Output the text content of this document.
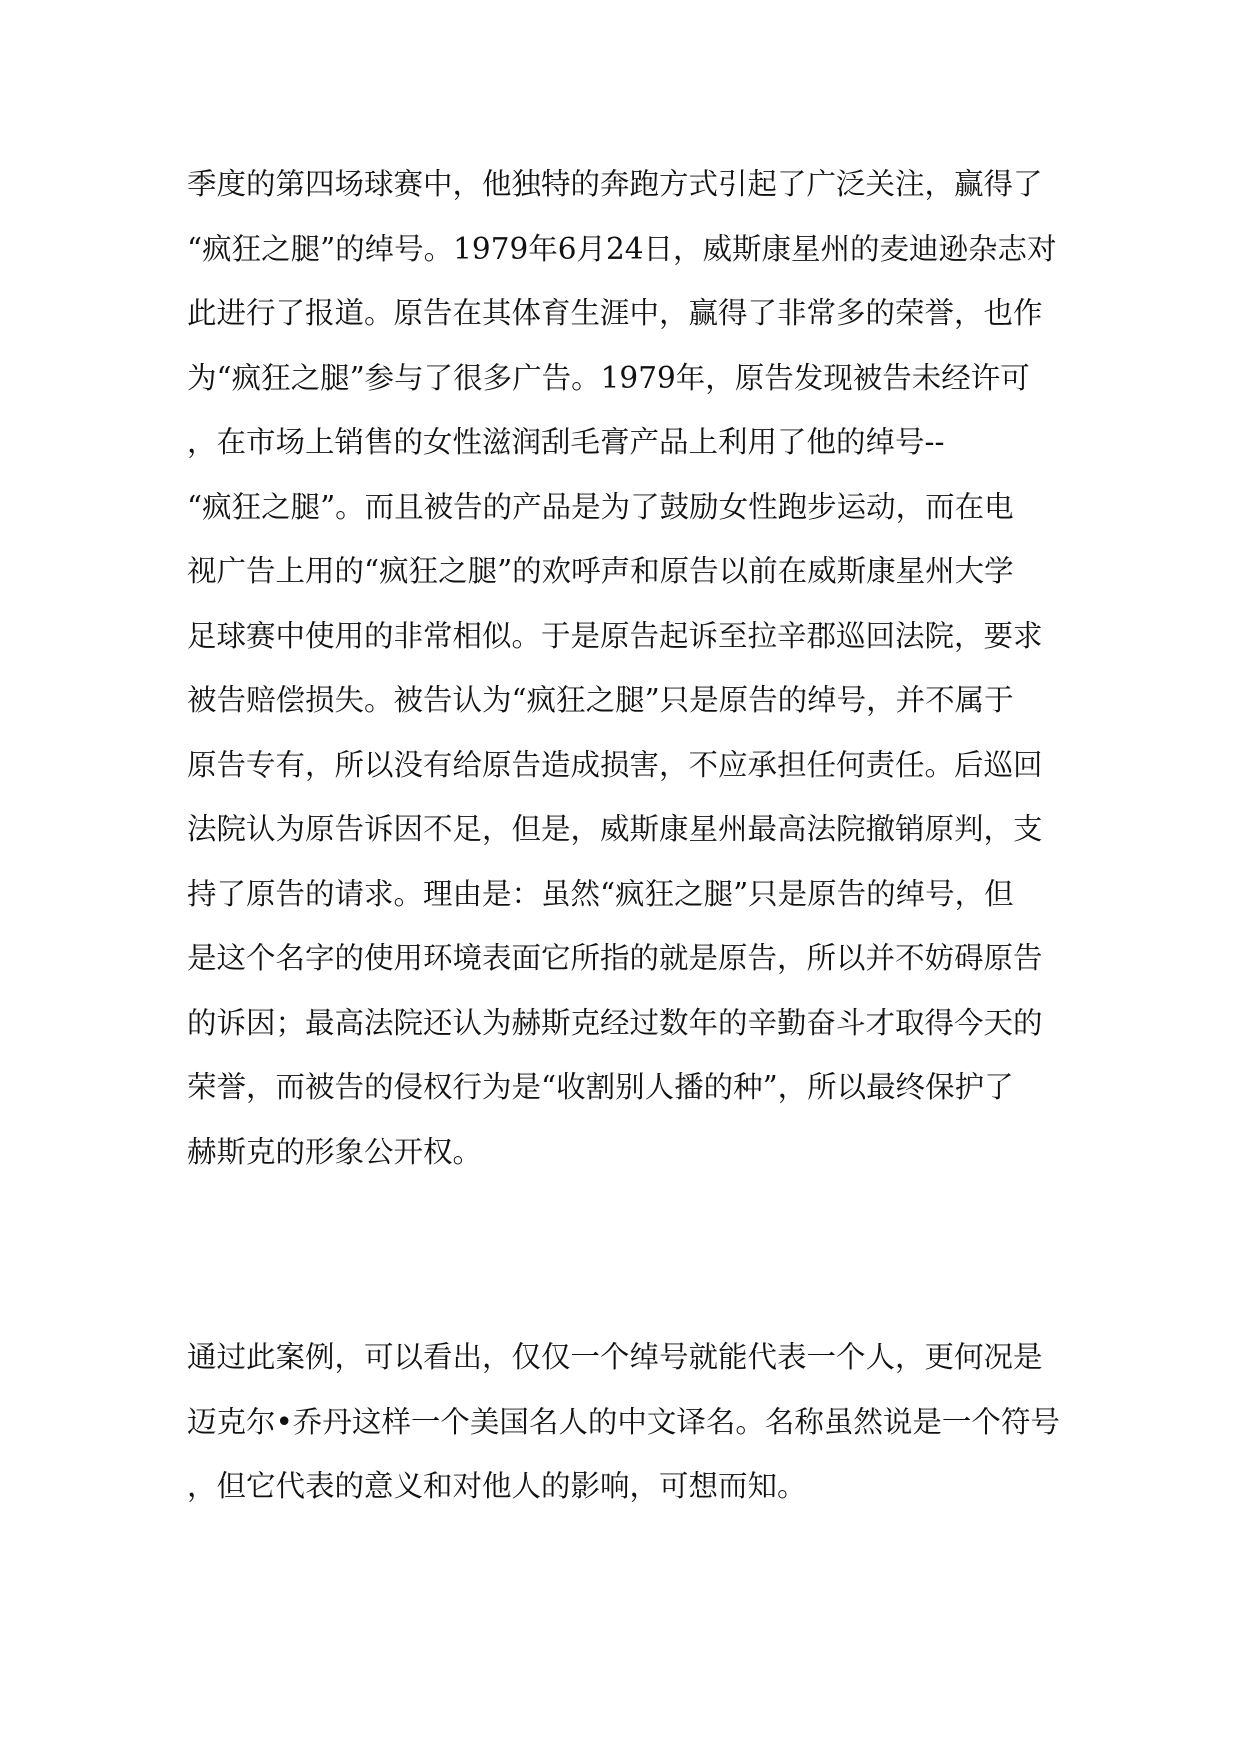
季度的第四场球赛中，他独特的奔跑方式引起了广泛关注，赢得了
“疯狂之腿”的绰号。1979年6月24日，威斯康星州的麦迪逊杂志对
此进行了报道。原告在其体育生涯中，赢得了非常多的荣誉，也作
为“疯狂之腿”参与了很多广告。1979年，原告发现被告未经许可
，在市场上销售的女性滋润刮毛膏产品上利用了他的绰号--
“疯狂之腿”。而且被告的产品是为了鼓励女性跑步运动，而在电
视广告上用的“疯狂之腿”的欢呼声和原告以前在威斯康星州大学
足球赛中使用的非常相似。于是原告起诉至拉辛郡巡回法院，要求
被告赔偿损失。被告认为“疯狂之腿”只是原告的绰号，并不属于
原告专有，所以没有给原告造成损害，不应承担任何责任。后巡回
法院认为原告诉因不足，但是，威斯康星州最高法院撤销原判，支
持了原告的请求。理由是：虽然“疯狂之腿”只是原告的绰号，但
是这个名字的使用环境表面它所指的就是原告，所以并不妨碍原告
的诉因；最高法院还认为赫斯克经过数年的辛勤奋斗才取得今天的
荣誉，而被告的侵权行为是“收割别人播的种”，所以最终保护了
赫斯克的形象公开权。
通过此案例，可以看出，仅仅一个绰号就能代表一个人，更何况是
迈克尔•乔丹这样一个美国名人的中文译名。名称虽然说是一个符号
，但它代表的意义和对他人的影响，可想而知。
